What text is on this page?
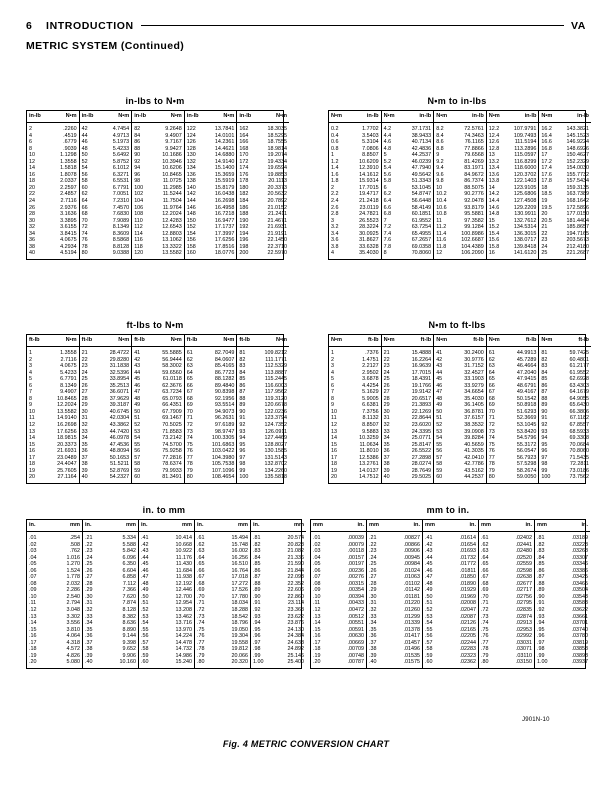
6 INTRODUCTION	VA
METRIC SYSTEM (Continued)
in-lbs to N•m
in-lb	N•m
2	.2260
4	.4519
6	.6779
8	.9039
10	1.1298
12	1.3558
14	1.5818
16	1.8078
18	2.0337
20	2.2597
22	2.4857
24	2.7116
26	2.9376
28	3.1636
30	3.3895
32	3.6155
34	3.8415
36	4.0675
38	4.2934
40	4.5194
in-lb	N•m
42	4.7454
44	4.9713
46	5.1973
48	5.4233
50	5.6492
52	5.8752
54	6.1012
56	6.3271
58	6.5531
60	6.7791
62	7.0051
64	7.2310
66	7.4570
68	7.6830
70	7.9089
72	8.1349
74	8.3609
76	8.5868
78	8.8128
80	9.0388
in-lb	N•m
82	9.2648
84	9.4907
86	9.7167
88	9.9427
90	10.1686
92	10.3946
94	10.6206
96	10.8465
98	11.0725
100	11.2985
102	11.5244
104	11.7504
106	11.9764
108	12.2024
110	12.4283
112	12.6543
114	12.8803
116	13.1062
118	13.3322
120	13.5582
in-lb	N•m
122	13.7841
124	14.0101
126	14.2361
128	14.4621
130	14.6880
132	14.9140
134	15.1400
136	15.3659
138	15.5919
140	15.8179
142	16.0438
144	16.2698
146	16.4958
148	16.7218
150	16.9477
152	17.1737
154	17.3997
156	17.6256
158	17.8516
160	18.0776
in-lb	N•m
162	18.3035
164	18.5295
166	18.7555
168	18.9814
170	19.2074
172	19.4334
174	19.6594
176	19.8853
178	20.1113
180	20.3373
182	20.5632
184	20.7892
186	21.0152
188	21.2411
190	21.4671
192	21.6931
194	21.9191
196	22.1450
198	22.3710
200	22.5970
N•m to in-lbs
N•m	in-lb
0.2	1.7702
0.4	3.5403
0.6	5.3104
0.8	7.0806
1	8.8507
1.2	10.6209
1.4	12.3910
1.6	14.1612
1.8	15.9314
2	17.7015
2.2	19.4717
2.4	21.2418
2.6	23.0119
2.8	24.7821
3	26.5523
3.2	28.3224
3.4	30.0925
3.6	31.8627
3.8	33.6328
4	35.4030
N•m	in-lb
4.2	37.1731
4.4	38.9433
4.6	40.7134
4.8	42.4836
5	44.2537
5.2	46.0239
5.4	47.7940
5.6	49.5642
5.8	51.3343
6	53.1045
6.2	54.8747
6.4	56.6448
6.6	58.4149
6.8	60.1851
7	61.9552
7.2	63.7254
7.4	65.4955
7.6	67.2657
7.8	69.0358
8	70.8060
N•m	in-lb
8.2	72.5761
8.4	74.3463
8.6	76.1165
8.8	77.8866
9	79.6568
9.2	81.4269
9.4	83.1971
9.6	84.9672
9.8	86.7374
10	88.5075
10.2	90.2776
10.4	92.0478
10.6	93.8179
10.8	95.5881
11	97.3582
11.2	99.1284
11.4	100.8986
11.6	102.6687
11.8	104.4389
12	106.2090
N•m	in-lb
12.2	107.9791
12.4	109.7493
12.6	111.5194
12.8	113.2896
13	115.0597
13.2	116.8299
13.4	118.6000
13.6	120.3702
13.8	122.1403
14	123.9105
14.2	125.6806
14.4	127.4508
14.6	129.2209
14.8	130.9911
15	132.7612
15.2	134.5314
15.4	136.3015
15.6	138.0717
15.8	139.8418
16	141.6120
N•m	in-lb
16.2	143.3821
16.4	145.1523
16.6	146.9224
16.8	148.6926
17	150.4627
17.2	152.2329
17.4	154.0030
17.6	155.7732
17.8	157.5434
18	159.3135
18.5	163.7389
19	168.1642
19.5	172.5896
20	177.0150
20.5	181.4404
21	185.8657
22	194.7165
23	203.5673
24	212.4180
25	221.2687
ft-lbs to N•m
ft-lb	N•m
1	1.3558
2	2.7116
3	4.0675
4	5.4233
5	6.7791
6	8.1349
7	9.4907
8	10.8465
9	12.2024
10	13.5582
11	14.9140
12	16.2698
13	17.6256
14	18.9815
15	20.3373
16	21.6931
17	23.0489
18	24.4047
19	25.7605
20	27.1164
ft-lb	N•m
21	28.4722
22	29.8280
23	31.1838
24	32.5396
25	33.8954
26	35.2513
27	36.6071
28	37.9629
29	39.3187
30	40.6745
31	42.0304
32	43.3862
33	44.7420
34	46.0978
35	47.4536
36	48.8094
37	50.1653
38	51.5211
39	52.8769
40	54.2327
ft-lb	N•m
41	55.5885
42	56.9444
43	58.3002
44	59.6560
45	61.0118
46	62.3676
47	63.7234
48	65.0793
49	66.4351
50	67.7909
51	69.1467
52	70.5025
53	71.8583
54	73.2142
55	74.5700
56	75.9258
57	77.2816
58	78.6374
59	79.9933
60	81.3491
ft-lb	N•m
61	82.7049
62	84.0607
63	85.4165
64	86.7723
65	88.1282
66	89.4840
67	90.8398
68	92.1956
69	93.5514
70	94.9073
71	96.2631
72	97.6189
73	98.9747
74	100.3305
75	101.6863
76	103.0422
77	104.3980
78	105.7538
79	107.1096
80	108.4654
ft-lb	N•m
81	109.8212
82	111.1771
83	112.5329
84	113.8887
85	115.2445
86	116.6003
87	117.9562
88	119.3120
89	120.6678
90	122.0236
91	123.3794
92	124.7352
93	126.0911
94	127.4469
95	128.8027
96	130.1585
97	131.5143
98	132.8702
99	134.2260
100	135.5818
N•m to ft-lbs
N•m	ft-lb
1	.7376
2	1.4751
3	2.2127
4	2.9502
5	3.6878
6	4.4254
7	5.1629
8	5.9005
9	6.6381
10	7.3756
11	8.1132
12	8.8507
13	9.5883
14	10.3259
15	11.0634
16	11.8010
17	12.5386
18	13.2761
19	14.0137
20	14.7512
N•m	ft-lb
21	15.4888
22	16.2264
23	16.9639
24	17.7015
25	18.4391
26	19.1766
27	19.9142
28	20.6517
29	21.3893
30	22.1269
31	22.8644
32	23.6020
33	24.3395
34	25.0771
35	25.8147
36	26.5522
37	27.2898
38	28.0274
39	28.7649
40	29.5025
N•m	ft-lb
41	30.2400
42	30.9776
43	31.7152
44	32.4527
45	33.1903
46	33.9279
47	34.6654
48	35.4030
49	36.1405
50	36.8781
51	37.6157
52	38.3532
53	39.0908
54	39.8284
55	40.5659
56	41.3035
57	42.0410
58	42.7786
59	43.5162
60	44.2537
N•m	ft-lb
61	44.9913
62	45.7289
63	46.4664
64	47.2040
65	47.9415
66	48.6791
67	49.4167
68	50.1542
69	50.8918
70	51.6293
71	52.3669
72	53.1045
73	53.8420
74	54.5796
75	55.3172
76	56.0547
77	56.7923
78	57.5298
79	58.2674
80	59.0050
N•m	ft-lb
81	59.7425
82	60.4801
83	61.2177
84	61.9552
85	62.6928
86	63.4303
87	64.1679
88	64.9055
89	65.6430
90	66.3806
91	67.1182
92	67.8557
93	68.5933
94	69.3308
95	70.0684
96	70.8060
97	71.5435
98	72.2811
99	73.0186
100	73.7562
in. to mm
in.	mm
.01	.254
.02	.508
.03	.762
.04	1.016
.05	1.270
.06	1.524
.07	1.778
.08	2.032
.09	2.286
.10	2.540
.11	2.794
.12	3.048
.13	3.302
.14	3.556
.15	3.810
.16	4.064
.17	4.318
.18	4.572
.19	4.826
.20	5.080
in.	mm
.21	5.334
.22	5.588
.23	5.842
.24	6.096
.25	6.350
.26	6.604
.27	6.858
.28	7.112
.29	7.366
.30	7.620
.31	7.874
.32	8.128
.33	8.382
.34	8.636
.35	8.890
.36	9.144
.37	9.398
.38	9.652
.39	9.906
.40	10.160
in.	mm
.41	10.414
.42	10.668
.43	10.922
.44	11.176
.45	11.430
.46	11.684
.47	11.938
.48	12.192
.49	12.446
.50	12.700
.51	12.954
.52	13.208
.53	13.462
.54	13.716
.55	13.970
.56	14.224
.57	14.478
.58	14.732
.59	14.986
.60	15.240
in.	mm
.61	15.494
.62	15.748
.63	16.002
.64	16.256
.65	16.510
.66	16.764
.67	17.018
.68	17.272
.69	17.526
.70	17.780
.71	18.034
.72	18.288
.73	18.542
.74	18.796
.75	19.050
.76	19.304
.77	19.558
.78	19.812
.79	20.066
.80	20.320
in.	mm
.81	20.574
.82	20.828
.83	21.082
.84	21.336
.85	21.590
.86	21.844
.87	22.098
.88	22.352
.89	22.606
.90	22.860
.91	23.114
.92	23.368
.93	23.622
.94	23.876
.95	24.130
.96	24.384
.97	24.638
.98	24.892
.99	25.146
1.00	25.400
mm to in.
mm	in.
.01	.00039
.02	.00079
.03	.00118
.04	.00157
.05	.00197
.06	.00236
.07	.00276
.08	.00315
.09	.00354
.10	.00394
.11	.00433
.12	.00472
.13	.00512
.14	.00551
.15	.00591
.16	.00630
.17	.00669
.18	.00709
.19	.00748
.20	.00787
mm	in.
.21	.00827
.22	.00866
.23	.00906
.24	.00945
.25	.00984
.26	.01024
.27	.01063
.28	.01102
.29	.01142
.30	.01181
.31	.01220
.32	.01260
.33	.01299
.34	.01339
.35	.01378
.36	.01417
.37	.01457
.38	.01496
.39	.01535
.40	.01575
mm	in.
.41	.01614
.42	.01654
.43	.01693
.44	.01732
.45	.01772
.46	.01811
.47	.01850
.48	.01890
.49	.01929
.50	.01969
.51	.02008
.52	.02047
.53	.02087
.54	.02126
.55	.02165
.56	.02205
.57	.02244
.58	.02283
.59	.02323
.60	.02362
mm	in.
.61	.02402
.62	.02441
.63	.02480
.64	.02520
.65	.02559
.66	.02598
.67	.02638
.68	.02677
.69	.02717
.70	.02756
.71	.02795
.72	.02835
.73	.02874
.74	.02913
.75	.02953
.76	.02992
.77	.03031
.78	.03071
.79	.03110
.80	.03150
mm	in.
.81	.03189
.82	.03228
.83	.03268
.84	.03307
.85	.03346
.86	.03386
.87	.03425
.88	.03465
.89	.03504
.90	.03543
.91	.03583
.92	.03622
.93	.03661
.94	.03701
.95	.03740
.96	.03780
.97	.03819
.98	.03858
.99	.03898
1.00	.03937
Fig. 4 METRIC CONVERSION CHART
J901N-10
